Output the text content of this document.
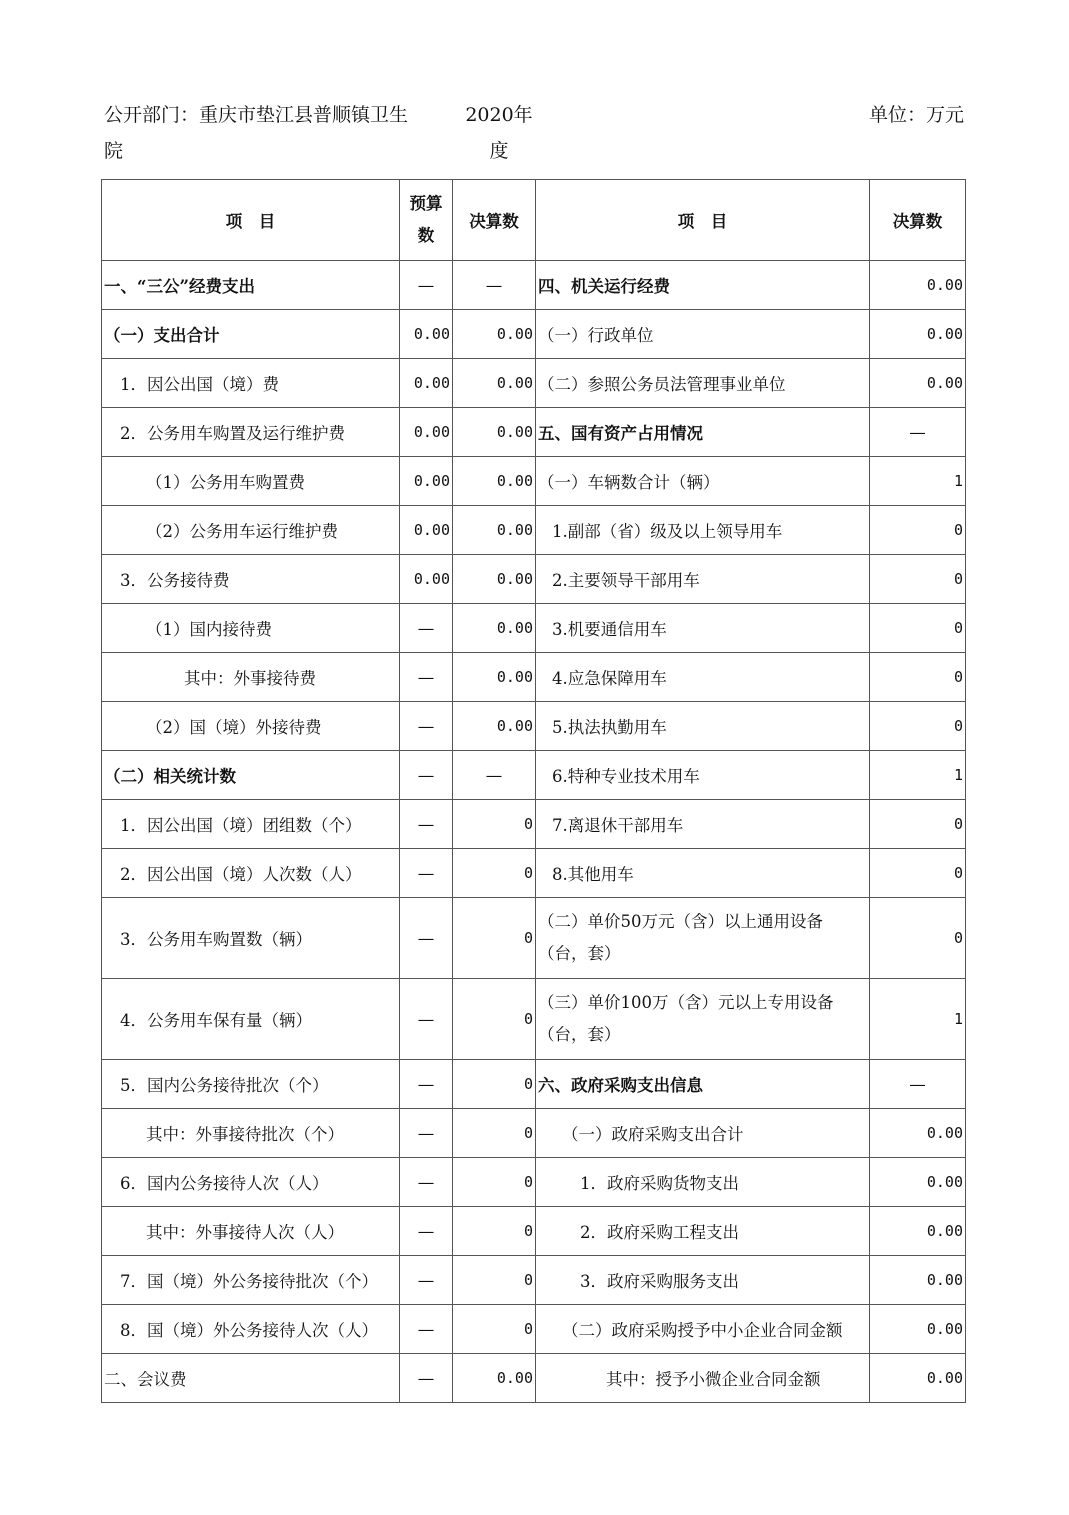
公开部门：重庆市垫江县普顺镇卫生院
2020年度
单位：万元
项　目	预算数	决算数	项　目	决算数
一、“三公”经费支出	—	—	四、机关运行经费	0.00
（一）支出合计	0.00	0.00	（一）行政单位	0.00
1．因公出国（境）费	0.00	0.00	（二）参照公务员法管理事业单位	0.00
2．公务用车购置及运行维护费	0.00	0.00	五、国有资产占用情况	—
（1）公务用车购置费	0.00	0.00	（一）车辆数合计（辆）	1
（2）公务用车运行维护费	0.00	0.00	1.副部（省）级及以上领导用车	0
3．公务接待费	0.00	0.00	2.主要领导干部用车	0
（1）国内接待费	—	0.00	3.机要通信用车	0
其中：外事接待费	—	0.00	4.应急保障用车	0
（2）国（境）外接待费	—	0.00	5.执法执勤用车	0
（二）相关统计数	—	—	6.特种专业技术用车	1
1．因公出国（境）团组数（个）	—	0	7.离退休干部用车	0
2．因公出国（境）人次数（人）	—	0	8.其他用车	0
3．公务用车购置数（辆）	—	0	（二）单价50万元（含）以上通用设备（台，套）	0
4．公务用车保有量（辆）	—	0	（三）单价100万（含）元以上专用设备（台，套）	1
5．国内公务接待批次（个）	—	0	六、政府采购支出信息	—
其中：外事接待批次（个）	—	0	（一）政府采购支出合计	0.00
6．国内公务接待人次（人）	—	0	1．政府采购货物支出	0.00
其中：外事接待人次（人）	—	0	2．政府采购工程支出	0.00
7．国（境）外公务接待批次（个）	—	0	3．政府采购服务支出	0.00
8．国（境）外公务接待人次（人）	—	0	（二）政府采购授予中小企业合同金额	0.00
二、会议费	—	0.00	其中：授予小微企业合同金额	0.00
